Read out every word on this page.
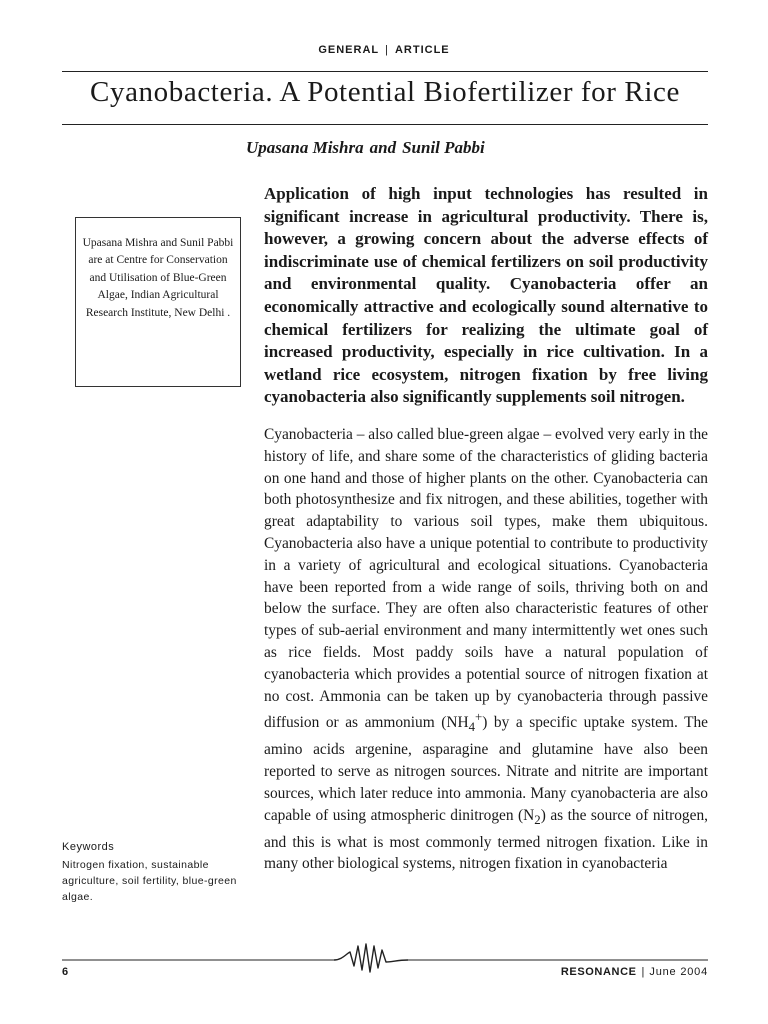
GENERAL | ARTICLE
Cyanobacteria. A Potential Biofertilizer for Rice
Upasana Mishra and Sunil Pabbi

Application of high input technologies has resulted in significant increase in agricultural productivity. There is, however, a growing concern about the adverse effects of indiscriminate use of chemical fertilizers on soil productivity and environmental quality. Cyanobacteria offer an economically attractive and ecologically sound alternative to chemical fertilizers for realizing the ultimate goal of increased productivity, especially in rice cultivation. In a wetland rice ecosystem, nitrogen fixation by free living cyanobacteria also significantly supplements soil nitrogen.

Upasana Mishra and Sunil Pabbi are at Centre for Conservation and Utilisation of Blue-Green Algae, Indian Agricultural Research Institute, New Delhi .

Cyanobacteria – also called blue-green algae – evolved very early in the history of life, and share some of the characteristics of gliding bacteria on one hand and those of higher plants on the other. Cyanobacteria can both photosynthesize and fix nitrogen, and these abilities, together with great adaptability to various soil types, make them ubiquitous. Cyanobacteria also have a unique potential to contribute to productivity in a variety of agricultural and ecological situations. Cyanobacteria have been reported from a wide range of soils, thriving both on and below the surface. They are often also characteristic features of other types of sub-aerial environment and many intermittently wet ones such as rice fields. Most paddy soils have a natural population of cyanobacteria which provides a potential source of nitrogen fixation at no cost. Ammonia can be taken up by cyanobacteria through passive diffusion or as ammonium $(NH_4^+)$ by a specific uptake system. The amino acids argenine, asparagine and glutamine have also been reported to serve as nitrogen sources. Nitrate and nitrite are important sources, which later reduce into ammonia. Many cyanobacteria are also capable of using atmospheric dinitrogen $(N_2)$ as the source of nitrogen, and this is what is most commonly termed nitrogen fixation. Like in many other biological systems, nitrogen fixation in cyanobacteria

Keywords

Nitrogen fixation, sustainable agriculture, soil fertility, blue-green algae.

6	RESONANCE | June 2004
